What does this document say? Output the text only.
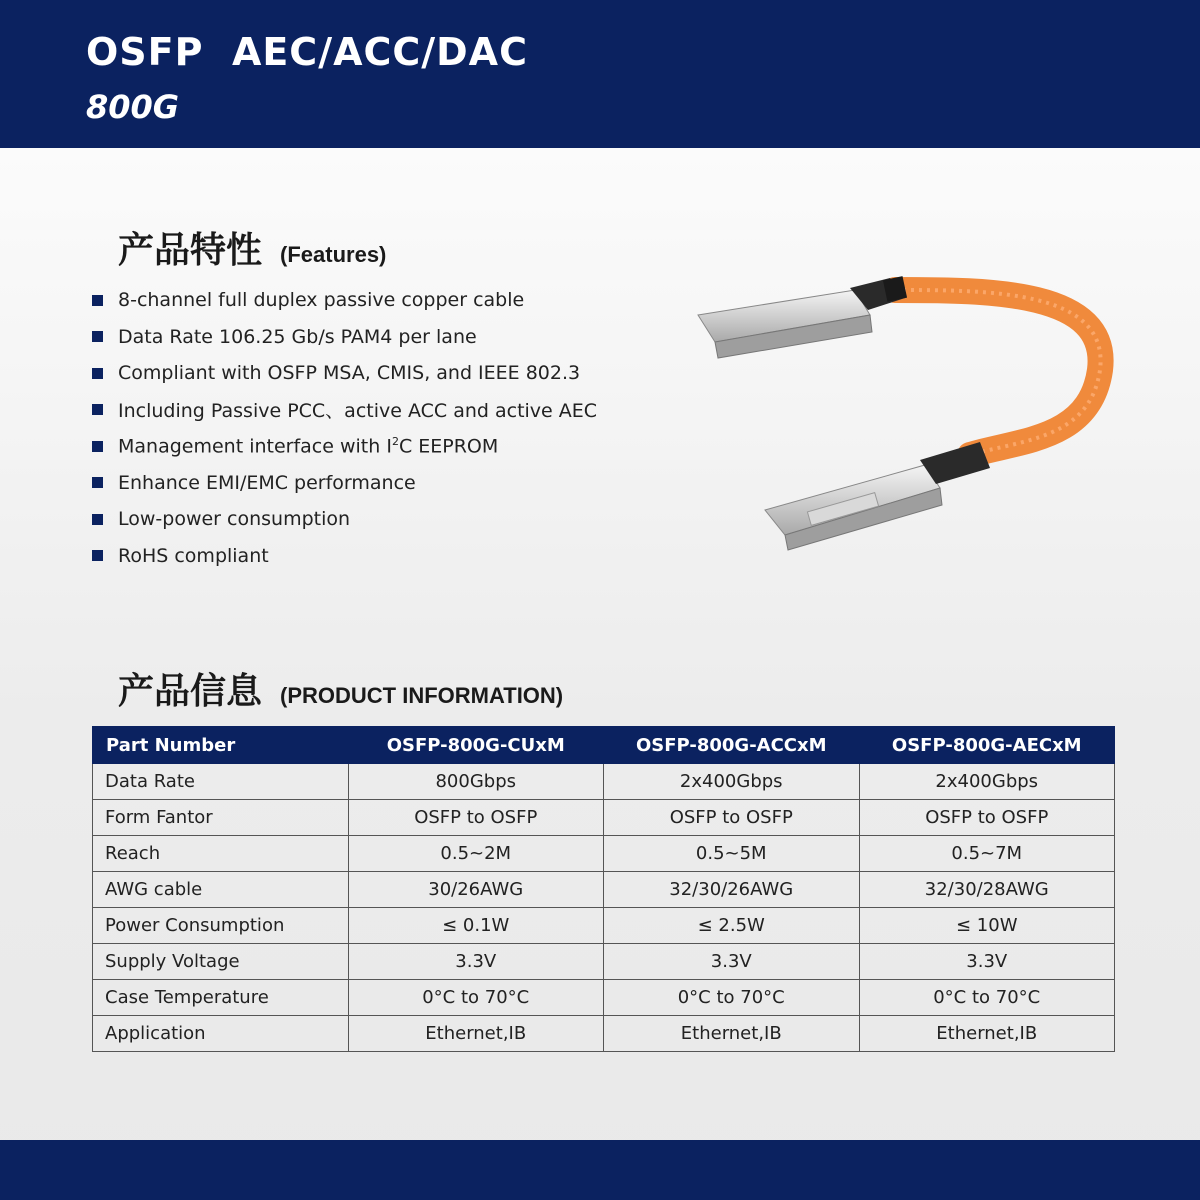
OSFP  AEC/ACC/DAC
800G
产品特性 (Features)
8-channel full duplex passive copper cable
Data Rate 106.25 Gb/s PAM4 per lane
Compliant with OSFP MSA, CMIS, and IEEE 802.3
Including Passive PCC、active ACC and active AEC
Management interface with $I^2C$ EEPROM
Enhance EMI/EMC performance
Low-power consumption
RoHS compliant
产品信息 (PRODUCT INFORMATION)
Part Number	OSFP-800G-CUxM	OSFP-800G-ACCxM	OSFP-800G-AECxM
Data Rate	800Gbps	2x400Gbps	2x400Gbps
Form Fantor	OSFP to OSFP	OSFP to OSFP	OSFP to OSFP
Reach	0.5~2M	0.5~5M	0.5~7M
AWG cable	30/26AWG	32/30/26AWG	32/30/28AWG
Power Consumption	≤ 0.1W	≤ 2.5W	≤ 10W
Supply Voltage	3.3V	3.3V	3.3V
Case Temperature	0°C to 70°C	0°C to 70°C	0°C to 70°C
Application	Ethernet,IB	Ethernet,IB	Ethernet,IB
